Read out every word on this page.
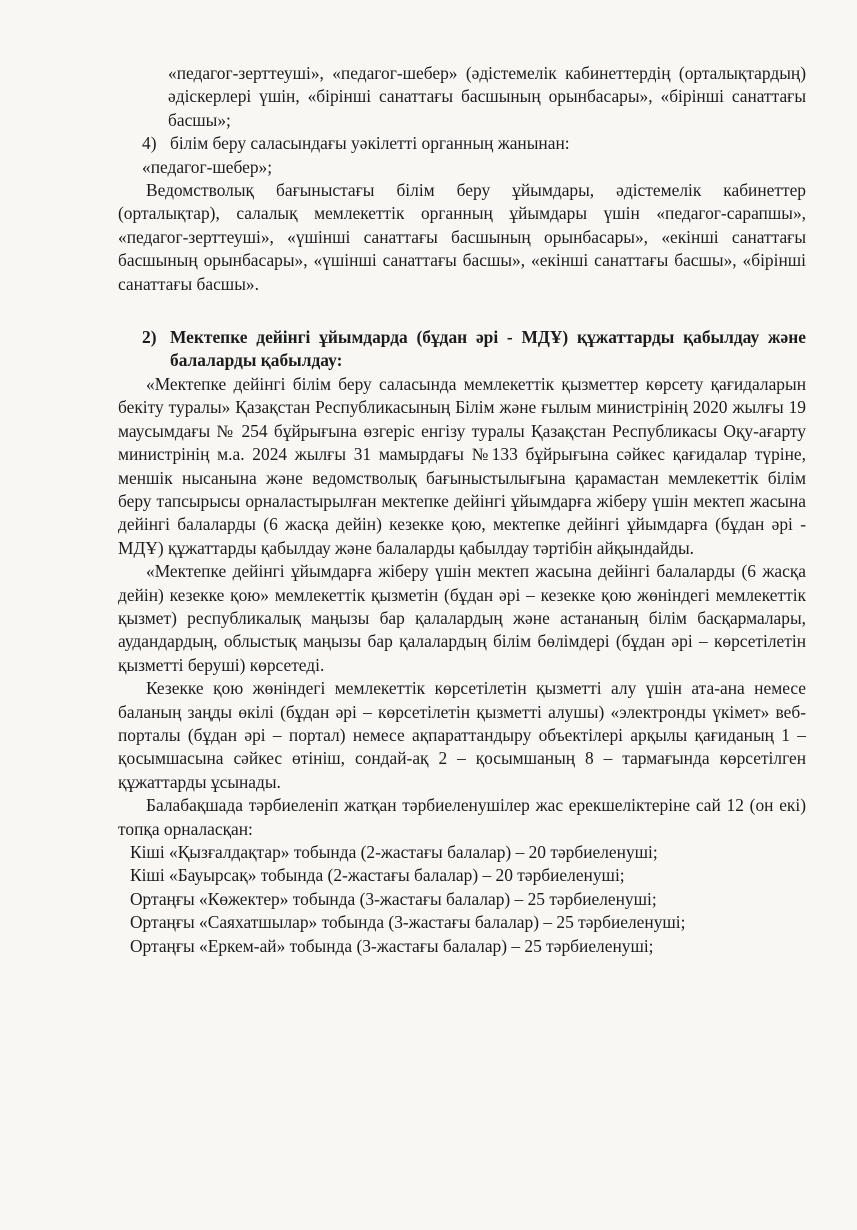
«педагог-зерттеуші», «педагог-шебер» (әдістемелік кабинеттердің (орталықтардың) әдіскерлері үшін, «бірінші санаттағы басшының орынбасары», «бірінші санаттағы басшы»;

4) білім беру саласындағы уәкілетті органның жанынан:

«педагог-шебер»;

Ведомстволық бағыныстағы білім беру ұйымдары, әдістемелік кабинеттер (орталықтар), салалық мемлекеттік органның ұйымдары үшін «педагог-сарапшы», «педагог-зерттеуші», «үшінші санаттағы басшының орынбасары», «екінші санаттағы басшының орынбасары», «үшінші санаттағы басшы», «екінші санаттағы басшы», «бірінші санаттағы басшы».

2) Мектепке дейінгі ұйымдарда (бұдан әрі - МДҰ) құжаттарды қабылдау және балаларды қабылдау:

«Мектепке дейінгі білім беру саласында мемлекеттік қызметтер көрсету қағидаларын бекіту туралы» Қазақстан Республикасының Білім және ғылым министрінің 2020 жылғы 19 маусымдағы № 254 бұйрығына өзгеріс енгізу туралы Қазақстан Республикасы Оқу-ағарту министрінің м.а. 2024 жылғы 31 мамырдағы №133 бұйрығына сәйкес қағидалар түріне, меншік нысанына және ведомстволық бағыныстылығына қарамастан мемлекеттік білім беру тапсырысы орналастырылған мектепке дейінгі ұйымдарға жіберу үшін мектеп жасына дейінгі балаларды (6 жасқа дейін) кезекке қою, мектепке дейінгі ұйымдарға (бұдан әрі - МДҰ) құжаттарды қабылдау және балаларды қабылдау тәртібін айқындайды.

«Мектепке дейінгі ұйымдарға жіберу үшін мектеп жасына дейінгі балаларды (6 жасқа дейін) кезекке қою» мемлекеттік қызметін (бұдан әрі – кезекке қою жөніндегі мемлекеттік қызмет) республикалық маңызы бар қалалардың және астананың білім басқармалары, аудандардың, облыстық маңызы бар қалалардың білім бөлімдері (бұдан әрі – көрсетілетін қызметті беруші) көрсетеді.

Кезекке қою жөніндегі мемлекеттік көрсетілетін қызметті алу үшін ата-ана немесе баланың заңды өкілі (бұдан әрі – көрсетілетін қызметті алушы) «электронды үкімет» веб-порталы (бұдан әрі – портал) немесе ақпараттандыру объектілері арқылы қағиданың 1 – қосымшасына сәйкес өтініш, сондай-ақ 2 – қосымшаның 8 – тармағында көрсетілген құжаттарды ұсынады.

Балабақшада тәрбиеленіп жатқан тәрбиеленушілер жас ерекшеліктеріне сай 12 (он екі) топқа орналасқан:

Кіші «Қызғалдақтар» тобында (2-жастағы балалар) – 20 тәрбиеленуші;

Кіші «Бауырсақ» тобында (2-жастағы балалар) – 20 тәрбиеленуші;

Ортаңғы «Көжектер» тобында (3-жастағы балалар) – 25 тәрбиеленуші;

Ортаңғы «Саяхатшылар» тобында (3-жастағы балалар) – 25 тәрбиеленуші;

Ортаңғы «Еркем-ай» тобында (3-жастағы балалар) – 25 тәрбиеленуші;
